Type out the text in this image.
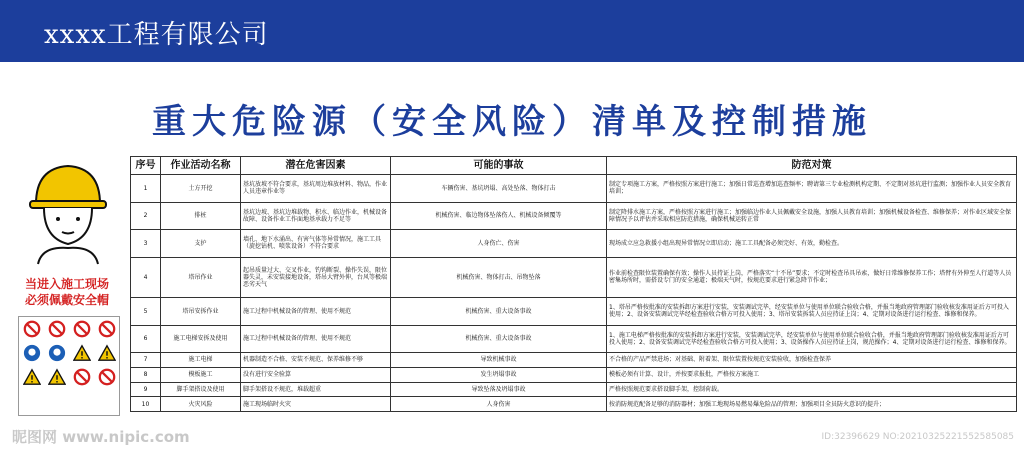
xxxx工程有限公司
重大危险源（安全风险）清单及控制措施
当进入施工现场
必须佩戴安全帽
序号	作业活动名称	潜在危害因素	可能的事故	防范对策
1	土方开挖	基坑放坡不符合要求，基坑周边堆放材料、物品，作业人员违章作业等	车辆伤害、基坑坍塌、高处坠落、物体打击	制定专项施工方案，严格按照方案进行施工；加强日常巡查增加巡查频率；聘请第三专业检测机构定期、不定期对基坑进行监测；加强作业人员安全教育培训；
2	排桩	基坑边坡、基坑边堆载物、积水、临边作业，机械设备故障、设备作业工作面地基承载力不足等	机械伤害、临边物体坠落伤人、机械设备倾覆等	制定降排水施工方案，严格按照方案进行施工；加强临边作业人员佩戴安全设施，加强人员教育培训；加强机械设备检查、维修保养；对作业区域安全保障情况予以评估并采取相应防范措施，确保机械运转正常
3	支护	墙孔、地下水涌出、有害气体等异常情况，施工工具（旋挖钻机、喷浆设备）不符合要求	人身伤亡、伤害	现场成立应急救援小组出现异常情况立即启动；施工工具配备必须完好、有效，勤检查。
4	塔吊作业	起吊质量过大、交叉作业，钓钩断裂、操作失误，限位器失灵，未安装接地设备，塔吊大臂外伸，台风等极端恶劣天气	机械伤害、物体打击、吊物坠落	作业前检查限位装置确保有效；操作人员持证上岗，严格落实“十不吊”要求；不定时检查吊具吊索，做好日常维修保养工作；塔臂有外伸至人行道等人员密集场所时，需搭设专门的安全通道；极端天气时，按规范要求进行紧急降节作业；
5	塔吊安拆作业	施工过程中机械设备的管理、使用不规范	机械伤害、重大设备事故	1、塔吊严格按批准的安装拆卸方案进行安装，安装调试完毕，经安装单位与使用单位联合验收合格，并报当地政府管理部门验收核发准用证后方可投入使用；2、设备安装调试完毕经检查验收合格方可投入使用；3、塔吊安装拆装人员应持证上岗；4、定期对设备进行运行检查、维修和保养。
6	施工电梯安拆及使用	施工过程中机械设备的管理、使用不规范	机械伤害、重大设备事故	1、施工电梯严格按批准的安装拆卸方案进行安装，安装调试完毕，经安装单位与使用单位联合验收合格，并报当地政府管理部门验收核发准用证后方可投入使用；2、设备安装调试完毕经检查验收合格方可投入使用；3、设备操作人员应持证上岗，规范操作；4、定期对设备进行运行检查、维修和保养。
7	施工电梯	机器制造不合格、安装不规范、保养维修不够	导致机械事故	不合格的产品严禁进场；对基础、附着架、限位装置按规范安装验收，加强检查保养
8	模板施工	没有进行安全验算	发生坍塌事故	模板必须有计算、设计，并按要求报批，严格按方案施工
9	脚手架搭设及使用	脚手架搭设不规范，堆载超重	导致坠落及坍塌事故	严格按照规范要求搭设脚手架，控制荷载。
10	火灾风险	施工现场临时火灾	人身伤害	按消防规范配备足够的消防器材；加强工地现场易燃易爆危险品的管理；加强项目全员防火意识的提升；
昵图网 www.nipic.com	ID:32396629 NO:20210325221552585085
